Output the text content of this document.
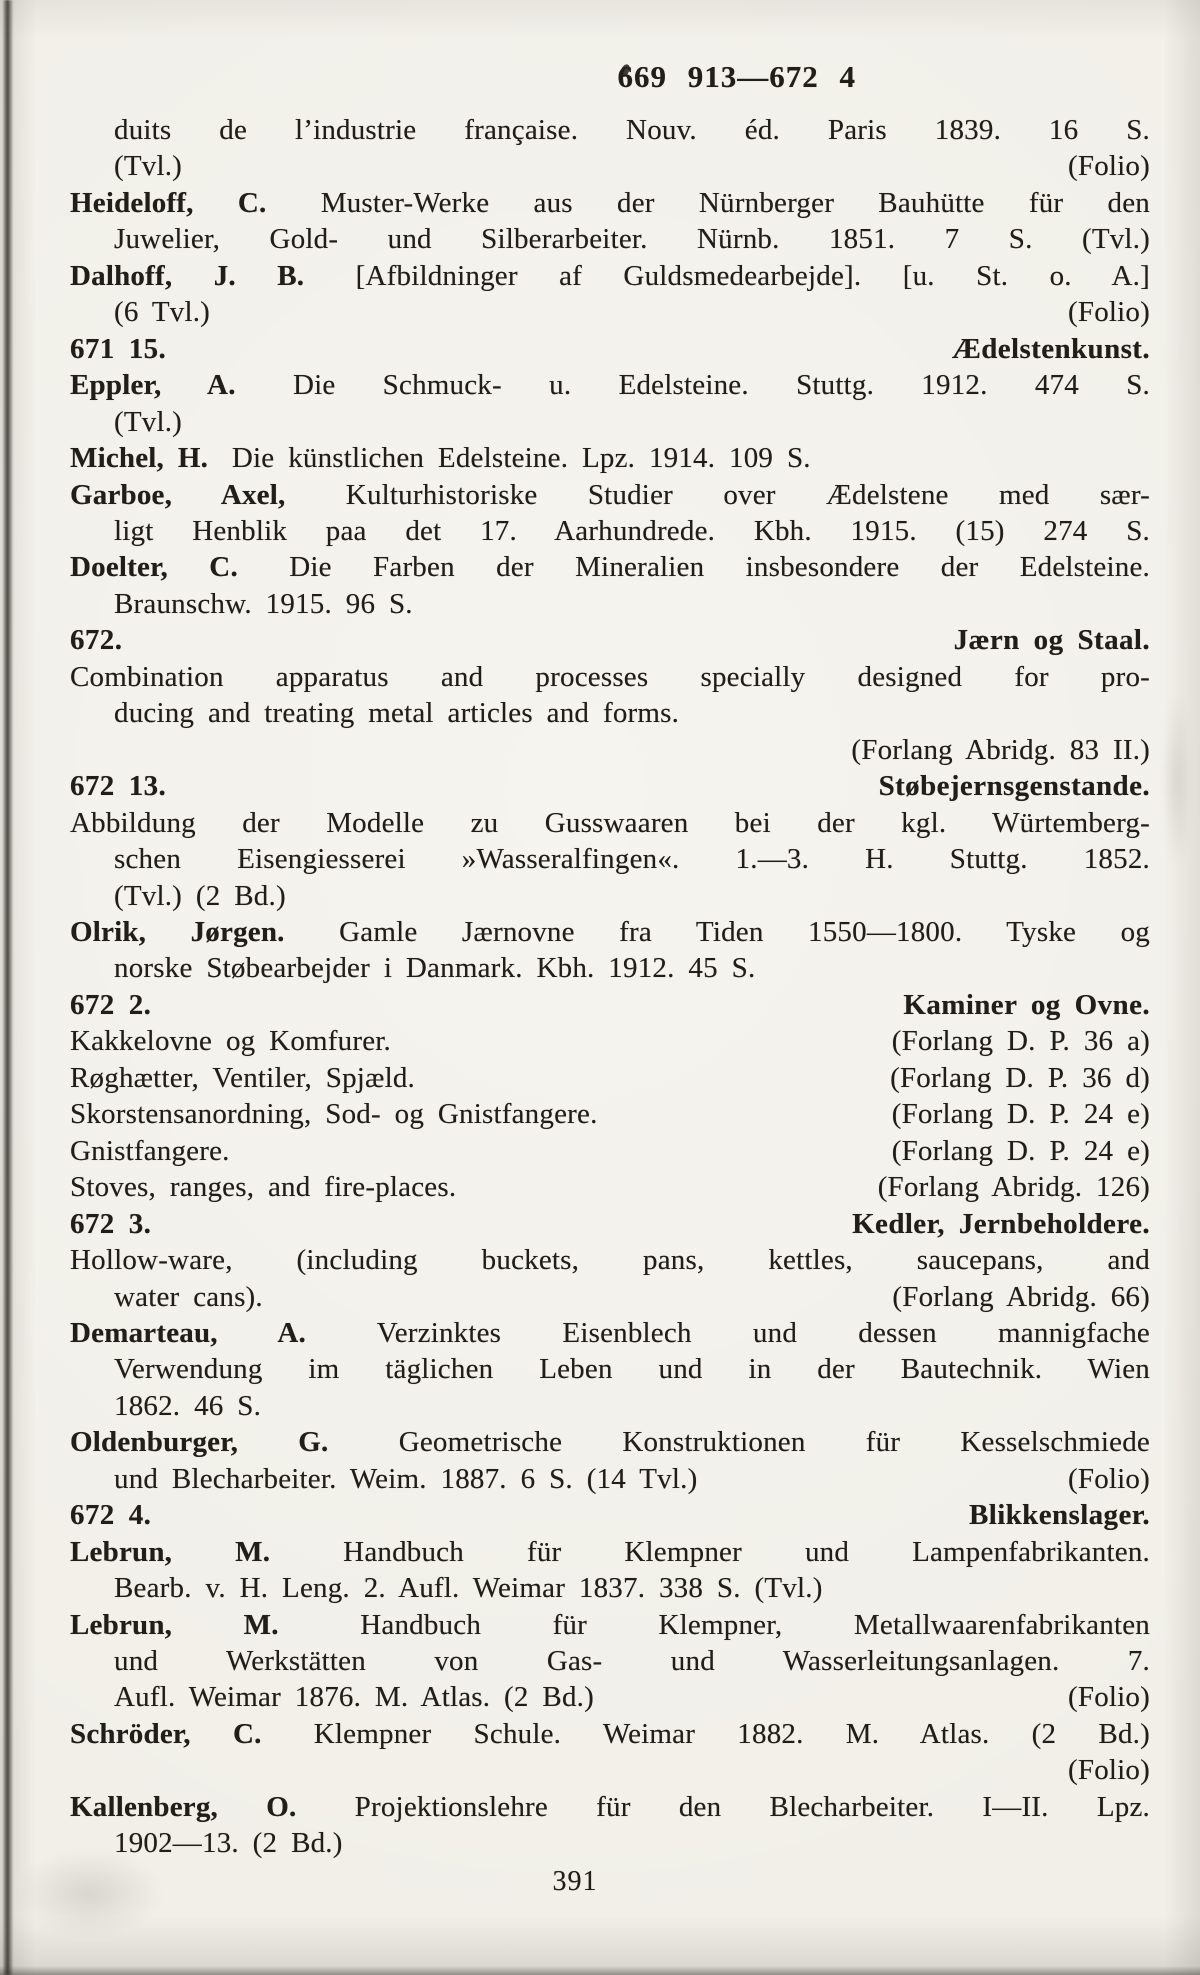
669 913—672 4
duits de l’industrie française. Nouv. éd. Paris 1839. 16 S.
(Tvl.)	(Folio)
Heideloff, C. Muster-Werke aus der Nürnberger Bauhütte für den
Juwelier, Gold- und Silberarbeiter. Nürnb. 1851. 7 S. (Tvl.)
Dalhoff, J. B. [Afbildninger af Guldsmedearbejde]. [u. St. o. A.]
(6 Tvl.)	(Folio)
671 15.	Ædelstenkunst.
Eppler, A. Die Schmuck- u. Edelsteine. Stuttg. 1912. 474 S.
(Tvl.)
Michel, H. Die künstlichen Edelsteine. Lpz. 1914. 109 S.
Garboe, Axel, Kulturhistoriske Studier over Ædelstene med sær-
ligt Henblik paa det 17. Aarhundrede. Kbh. 1915. (15) 274 S.
Doelter, C. Die Farben der Mineralien insbesondere der Edelsteine.
Braunschw. 1915. 96 S.
672.	Jærn og Staal.
Combination apparatus and processes specially designed for pro-
ducing and treating metal articles and forms.
(Forlang Abridg. 83 II.)
672 13.	Støbejernsgenstande.
Abbildung der Modelle zu Gusswaaren bei der kgl. Würtemberg-
schen Eisengiesserei »Wasseralfingen«. 1.—3. H. Stuttg. 1852.
(Tvl.) (2 Bd.)
Olrik, Jørgen. Gamle Jærnovne fra Tiden 1550—1800. Tyske og
norske Støbearbejder i Danmark. Kbh. 1912. 45 S.
672 2.	Kaminer og Ovne.
Kakkelovne og Komfurer.	(Forlang D. P. 36 a)
Røghætter, Ventiler, Spjæld.	(Forlang D. P. 36 d)
Skorstensanordning, Sod- og Gnistfangere.	(Forlang D. P. 24 e)
Gnistfangere.	(Forlang D. P. 24 e)
Stoves, ranges, and fire-places.	(Forlang Abridg. 126)
672 3.	Kedler, Jernbeholdere.
Hollow-ware, (including buckets, pans, kettles, saucepans, and
water cans).	(Forlang Abridg. 66)
Demarteau, A. Verzinktes Eisenblech und dessen mannigfache
Verwendung im täglichen Leben und in der Bautechnik. Wien
1862. 46 S.
Oldenburger, G. Geometrische Konstruktionen für Kesselschmiede
und Blecharbeiter. Weim. 1887. 6 S. (14 Tvl.)	(Folio)
672 4.	Blikkenslager.
Lebrun, M.	Handbuch für Klempner und Lampenfabrikanten.
Bearb. v. H. Leng. 2. Aufl. Weimar 1837. 338 S. (Tvl.)
Lebrun, M.	Handbuch für Klempner, Metallwaarenfabrikanten
und Werkstätten von Gas- und Wasserleitungsanlagen. 7.
Aufl. Weimar 1876. M. Atlas. (2 Bd.)	(Folio)
Schröder, C. Klempner Schule. Weimar 1882. M. Atlas. (2 Bd.)
(Folio)
Kallenberg, O. Projektionslehre für den Blecharbeiter. I—II. Lpz.
1902—13. (2 Bd.)
391
